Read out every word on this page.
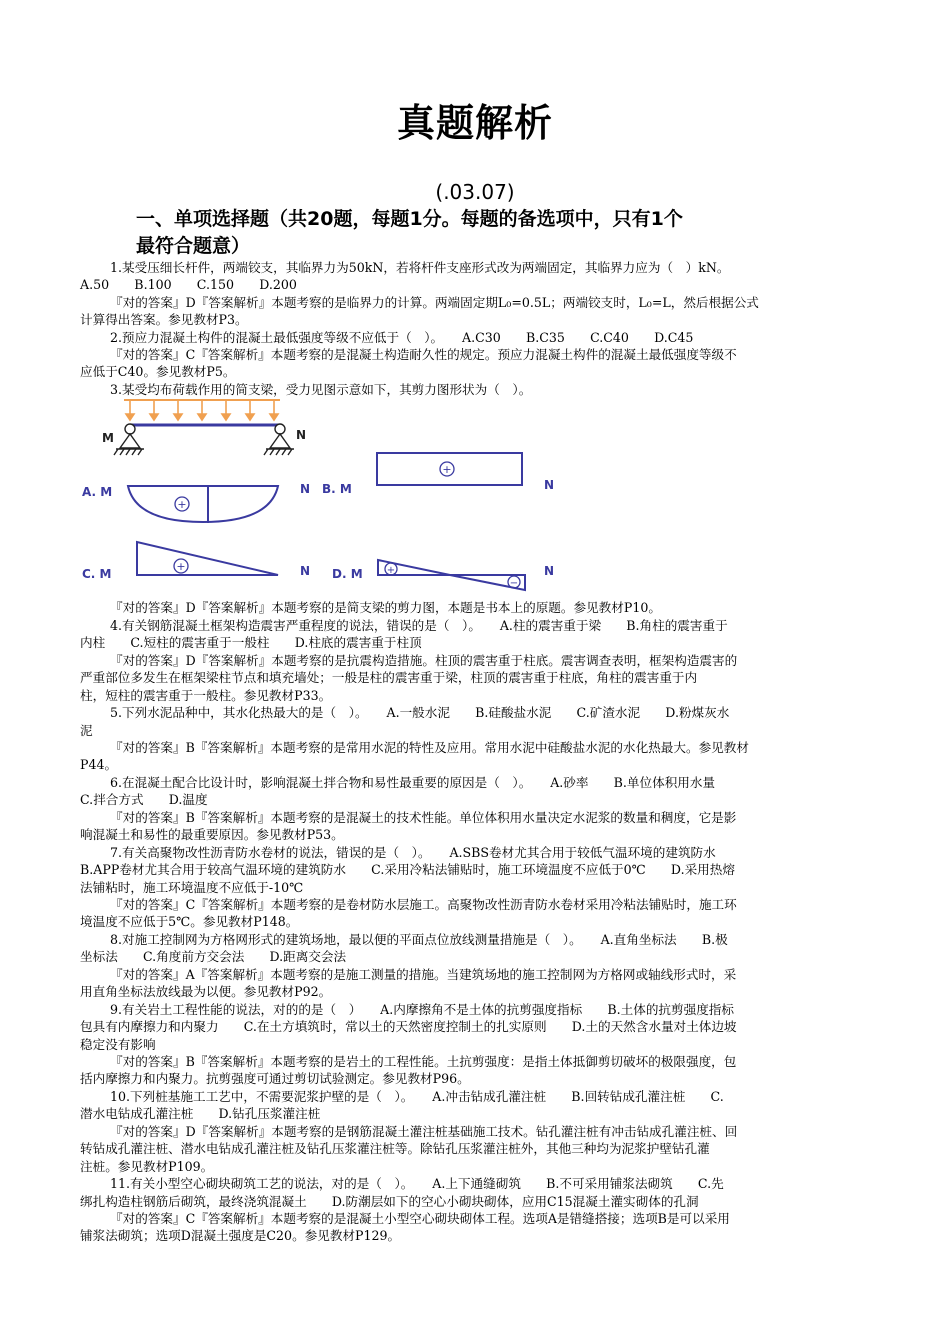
真题解析
(.03.07)
一、单项选择题（共20题，每题1分。每题的备选项中，只有1个
最符合题意）
1.某受压细长杆件，两端铰支，其临界力为50kN，若将杆件支座形式改为两端固定，其临界力应为（　）kN。
A.50　　B.100　　C.150　　D.200
『对的答案』D『答案解析』本题考察的是临界力的计算。两端固定期L₀=0.5L；两端铰支时，L₀=L，然后根据公式
计算得出答案。参见教材P3。
2.预应力混凝土构件的混凝土最低强度等级不应低于（　）。　　A.C30　　B.C35　　C.C40　　D.C45
『对的答案』C『答案解析』本题考察的是混凝土构造耐久性的规定。预应力混凝土构件的混凝土最低强度等级不
应低于C40。参见教材P5。
3.某受均布荷载作用的简支梁，受力见图示意如下，其剪力图形状为（　）。
M	N
A. M
+
N B. M
+
N
C. M
+	N D. M +
−
N
『对的答案』D『答案解析』本题考察的是简支梁的剪力图，本题是书本上的原题。参见教材P10。
4.有关钢筋混凝土框架构造震害严重程度的说法，错误的是（　）。　　A.柱的震害重于梁　　B.角柱的震害重于
内柱　　C.短柱的震害重于一般柱　　D.柱底的震害重于柱顶
『对的答案』D『答案解析』本题考察的是抗震构造措施。柱顶的震害重于柱底。震害调查表明，框架构造震害的
严重部位多发生在框架梁柱节点和填充墙处；一般是柱的震害重于梁，柱顶的震害重于柱底，角柱的震害重于内
柱，短柱的震害重于一般柱。参见教材P33。
5.下列水泥品种中，其水化热最大的是（　）。　　A.一般水泥　　B.硅酸盐水泥　　C.矿渣水泥　　D.粉煤灰水
泥
『对的答案』B『答案解析』本题考察的是常用水泥的特性及应用。常用水泥中硅酸盐水泥的水化热最大。参见教材
P44。
6.在混凝土配合比设计时，影响混凝土拌合物和易性最重要的原因是（　）。　　A.砂率　　B.单位体积用水量
C.拌合方式　　D.温度
『对的答案』B『答案解析』本题考察的是混凝土的技术性能。单位体积用水量决定水泥浆的数量和稠度，它是影
响混凝土和易性的最重要原因。参见教材P53。
7.有关高聚物改性沥青防水卷材的说法，错误的是（　）。　　A.SBS卷材尤其合用于较低气温环境的建筑防水
B.APP卷材尤其合用于较高气温环境的建筑防水　　C.采用冷粘法铺贴时，施工环境温度不应低于0℃　　D.采用热熔
法铺粘时，施工环境温度不应低于-10℃
『对的答案』C『答案解析』本题考察的是卷材防水层施工。高聚物改性沥青防水卷材采用冷粘法铺贴时，施工环
境温度不应低于5℃。参见教材P148。
8.对施工控制网为方格网形式的建筑场地，最以便的平面点位放线测量措施是（　）。　　A.直角坐标法　　B.极
坐标法　　C.角度前方交会法　　D.距离交会法
『对的答案』A『答案解析』本题考察的是施工测量的措施。当建筑场地的施工控制网为方格网或轴线形式时，采
用直角坐标法放线最为以便。参见教材P92。
9.有关岩土工程性能的说法，对的的是（　）　　A.内摩擦角不是土体的抗剪强度指标　　B.土体的抗剪强度指标
包具有内摩擦力和内聚力　　C.在土方填筑时，常以土的天然密度控制土的扎实原则　　D.土的天然含水量对土体边坡
稳定没有影响
『对的答案』B『答案解析』本题考察的是岩土的工程性能。土抗剪强度：是指土体抵御剪切破坏的极限强度，包
括内摩擦力和内聚力。抗剪强度可通过剪切试验测定。参见教材P96。
10.下列桩基施工工艺中，不需要泥浆护壁的是（　）。　　A.冲击钻成孔灌注桩　　B.回转钻成孔灌注桩　　C.
潜水电钻成孔灌注桩　　D.钻孔压浆灌注桩
『对的答案』D『答案解析』本题考察的是钢筋混凝土灌注桩基础施工技术。钻孔灌注桩有冲击钻成孔灌注桩、回
转钻成孔灌注桩、潜水电钻成孔灌注桩及钻孔压浆灌注桩等。除钻孔压浆灌注桩外，其他三种均为泥浆护壁钻孔灌
注桩。参见教材P109。
11.有关小型空心砌块砌筑工艺的说法，对的是（　）。　　A.上下通缝砌筑　　B.不可采用铺浆法砌筑　　C.先
绑扎构造柱钢筋后砌筑，最终浇筑混凝土　　D.防潮层如下的空心小砌块砌体，应用C15混凝土灌实砌体的孔洞
『对的答案』C『答案解析』本题考察的是混凝土小型空心砌块砌体工程。选项A是错缝搭接；选项B是可以采用
铺浆法砌筑；选项D混凝土强度是C20。参见教材P129。
